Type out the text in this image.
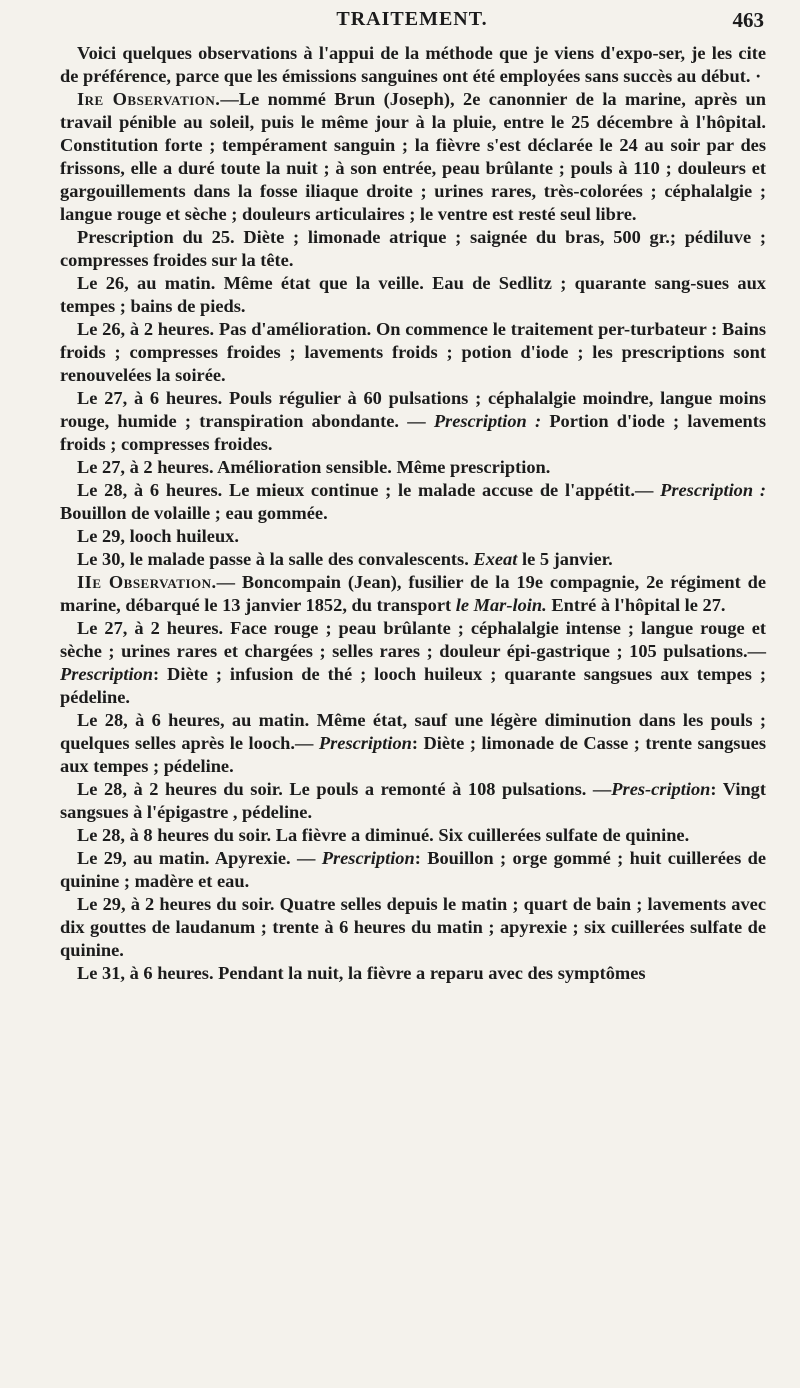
TRAITEMENT.	463

Voici quelques observations à l'appui de la méthode que je viens d'expo-ser, je les cite de préférence, parce que les émissions sanguines ont été employées sans succès au début. ·

Ire Observation.—Le nommé Brun (Joseph), 2e canonnier de la marine, après un travail pénible au soleil, puis le même jour à la pluie, entre le 25 décembre à l'hôpital. Constitution forte ; tempérament sanguin ; la fièvre s'est déclarée le 24 au soir par des frissons, elle a duré toute la nuit ; à son entrée, peau brûlante ; pouls à 110 ; douleurs et gargouillements dans la fosse iliaque droite ; urines rares, très-colorées ; céphalalgie ; langue rouge et sèche ; douleurs articulaires ; le ventre est resté seul libre.

Prescription du 25. Diète ; limonade atrique ; saignée du bras, 500 gr.; pédiluve ; compresses froides sur la tête.

Le 26, au matin. Même état que la veille. Eau de Sedlitz ; quarante sang-sues aux tempes ; bains de pieds.

Le 26, à 2 heures. Pas d'amélioration. On commence le traitement per-turbateur : Bains froids ; compresses froides ; lavements froids ; potion d'iode ; les prescriptions sont renouvelées la soirée.

Le 27, à 6 heures. Pouls régulier à 60 pulsations ; céphalalgie moindre, langue moins rouge, humide ; transpiration abondante. — Prescription : Portion d'iode ; lavements froids ; compresses froides.

Le 27, à 2 heures. Amélioration sensible. Même prescription.

Le 28, à 6 heures. Le mieux continue ; le malade accuse de l'appétit.— Prescription : Bouillon de volaille ; eau gommée.

Le 29, looch huileux.

Le 30, le malade passe à la salle des convalescents. Exeat le 5 janvier.

IIe Observation.— Boncompain (Jean), fusilier de la 19e compagnie, 2e régiment de marine, débarqué le 13 janvier 1852, du transport le Mar-loin. Entré à l'hôpital le 27.

Le 27, à 2 heures. Face rouge ; peau brûlante ; céphalalgie intense ; langue rouge et sèche ; urines rares et chargées ; selles rares ; douleur épi-gastrique ; 105 pulsations.— Prescription: Diète ; infusion de thé ; looch huileux ; quarante sangsues aux tempes ; pédeline.

Le 28, à 6 heures, au matin. Même état, sauf une légère diminution dans les pouls ; quelques selles après le looch.— Prescription: Diète ; limonade de Casse ; trente sangsues aux tempes ; pédeline.

Le 28, à 2 heures du soir. Le pouls a remonté à 108 pulsations. —Pres-cription: Vingt sangsues à l'épigastre , pédeline.

Le 28, à 8 heures du soir. La fièvre a diminué. Six cuillerées sulfate de quinine.

Le 29, au matin. Apyrexie. — Prescription: Bouillon ; orge gommé ; huit cuillerées de quinine ; madère et eau.

Le 29, à 2 heures du soir. Quatre selles depuis le matin ; quart de bain ; lavements avec dix gouttes de laudanum ; trente à 6 heures du matin ; apyrexie ; six cuillerées sulfate de quinine.

Le 31, à 6 heures. Pendant la nuit, la fièvre a reparu avec des symptômes
